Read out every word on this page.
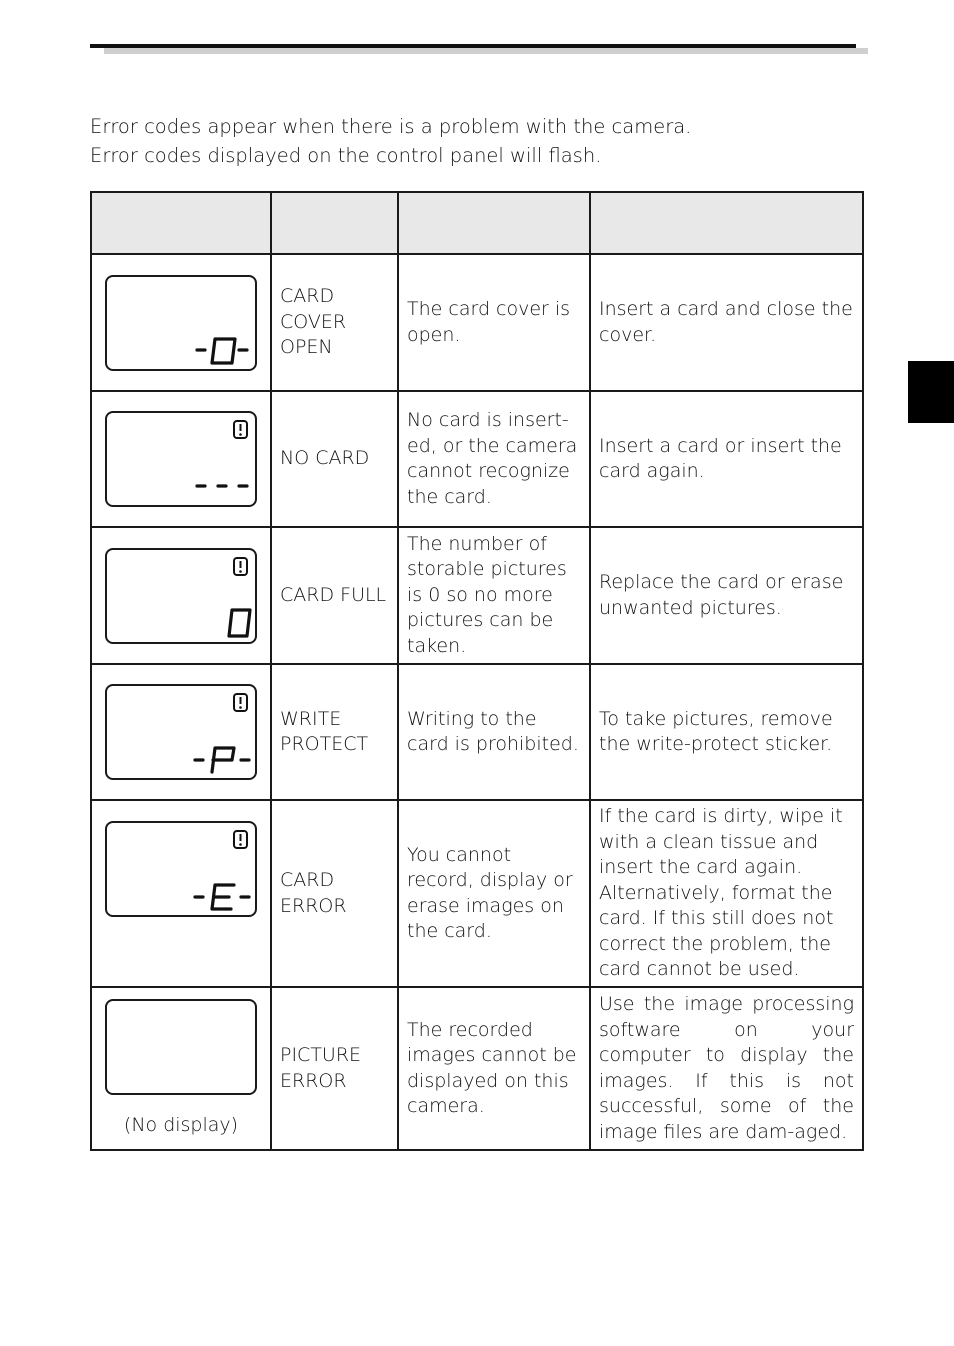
Error codes appear when there is a problem with the camera.
Error codes displayed on the control panel will flash.

	CARD COVER OPEN	The card cover is open.	Insert a card and close the cover.

	NO CARD	No card is insert-ed, or the camera cannot recognize the card.	Insert a card or insert the card again.

	CARD FULL	The number of storable pictures is 0 so no more pictures can be taken.	Replace the card or erase unwanted pictures.

	WRITE PROTECT	Writing to the card is prohibited.	To take pictures, remove the write-protect sticker.

	CARD ERROR	You cannot record, display or erase images on the card.	If the card is dirty, wipe it with a clean tissue and insert the card again. Alternatively, format the card. If this still does not correct the problem, the card cannot be used.

(No display)	PICTURE ERROR	The recorded images cannot be displayed on this camera.	Use the image processing software on your computer to display the images. If this is not successful, some of the image files are dam-aged.
